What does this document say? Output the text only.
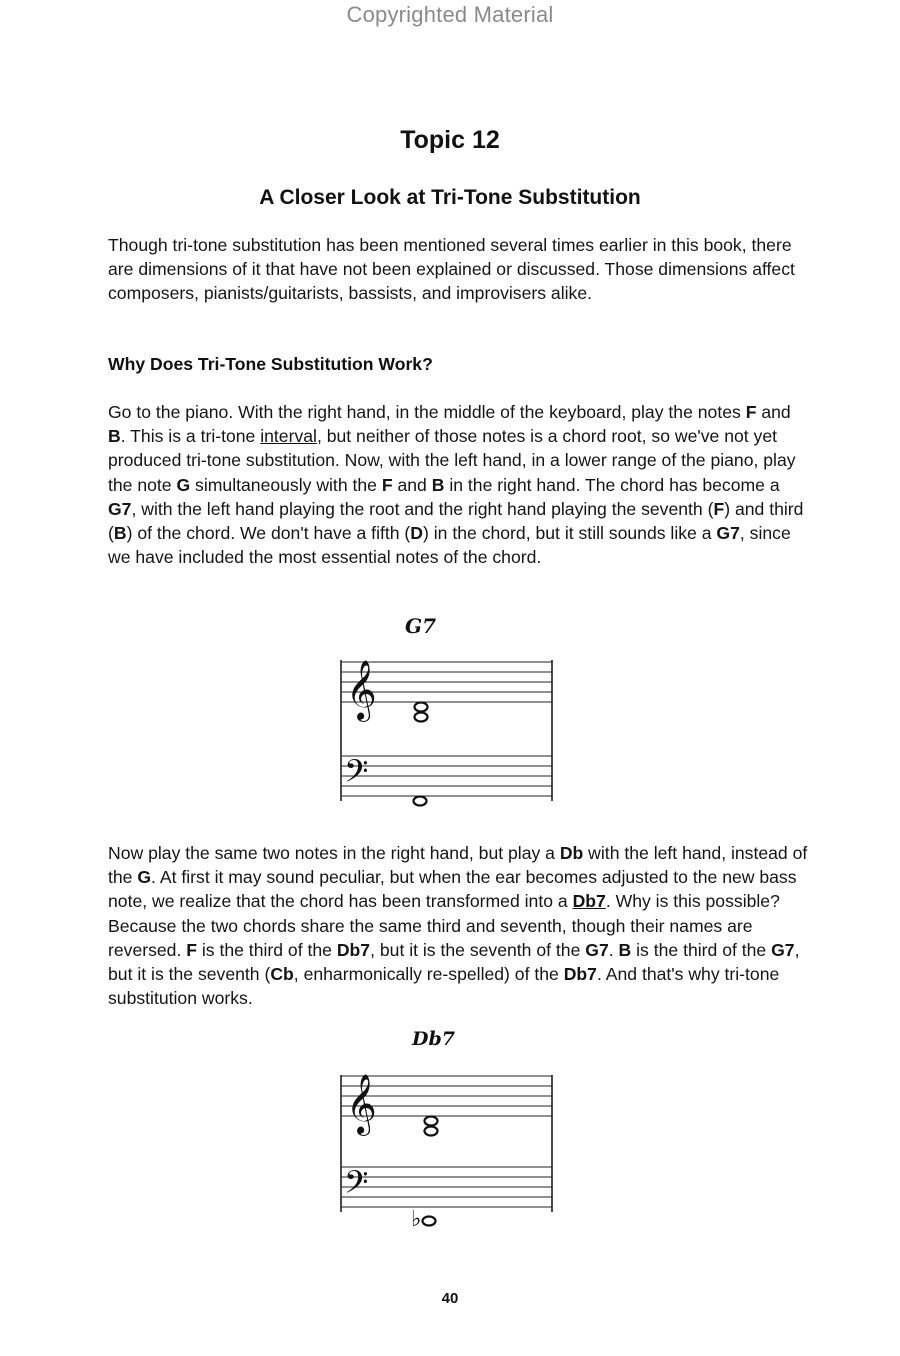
Copyrighted Material
Topic 12
A Closer Look at Tri-Tone Substitution

Though tri-tone substitution has been mentioned several times earlier in this book, there are dimensions of it that have not been explained or discussed. Those dimensions affect composers, pianists/guitarists, bassists, and improvisers alike.

Why Does Tri-Tone Substitution Work?

Go to the piano. With the right hand, in the middle of the keyboard, play the notes F and B. This is a tri-tone interval, but neither of those notes is a chord root, so we've not yet produced tri-tone substitution. Now, with the left hand, in a lower range of the piano, play the note G simultaneously with the F and B in the right hand. The chord has become a G7, with the left hand playing the root and the right hand playing the seventh (F) and third (B) of the chord. We don't have a fifth (D) in the chord, but it still sounds like a G7, since we have included the most essential notes of the chord.

G7
𝄞
𝄢

Now play the same two notes in the right hand, but play a Db with the left hand, instead of the G. At first it may sound peculiar, but when the ear becomes adjusted to the new bass note, we realize that the chord has been transformed into a Db7. Why is this possible? Because the two chords share the same third and seventh, though their names are reversed. F is the third of the Db7, but it is the seventh of the G7. B is the third of the G7, but it is the seventh (Cb, enharmonically re-spelled) of the Db7. And that's why tri-tone substitution works.

Db7
𝄞
𝄢
♭
40
